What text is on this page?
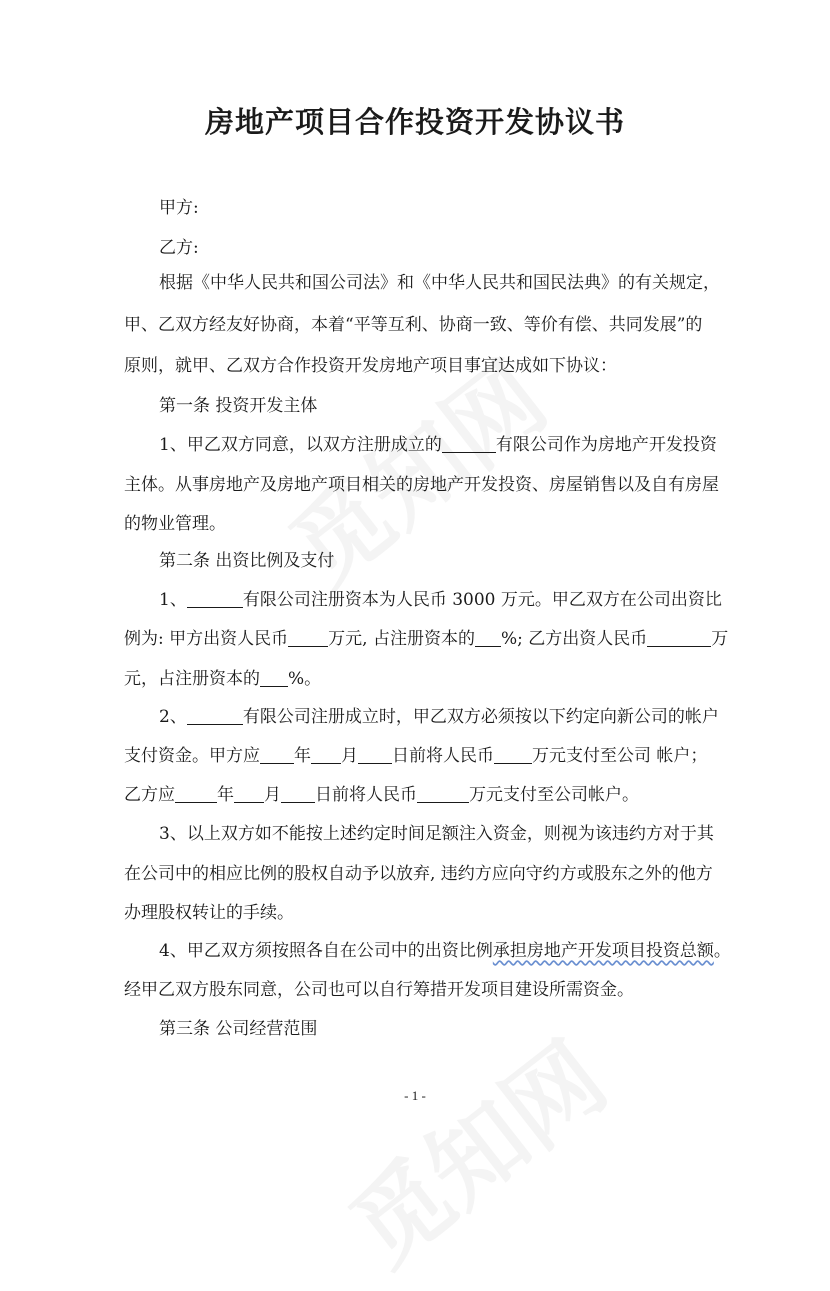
房地产项目合作投资开发协议书
甲方:
乙方:
根据《中华人民共和国公司法》和《中华人民共和国民法典》的有关规定，
甲、乙双方经友好协商，本着“平等互利、协商一致、等价有偿、共同发展”的
原则，就甲、乙双方合作投资开发房地产项目事宜达成如下协议：
第一条 投资开发主体
1、甲乙双方同意，以双方注册成立的	有限公司作为房地产开发投资
主体。从事房地产及房地产项目相关的房地产开发投资、房屋销售以及自有房屋
的物业管理。
第二条 出资比例及支付
1、	有限公司注册资本为人民币 3000 万元。甲乙双方在公司出资比
例为: 甲方出资人民币 万元, 占注册资本的 %; 乙方出资人民币	万
元，占注册资本的 %。
2、	有限公司注册成立时，甲乙双方必须按以下约定向新公司的帐户
支付资金。甲方应 年 月 日前将人民币 万元支付至公司 帐户；
乙方应 年 月 日前将人民币	万元支付至公司帐户。
3、以上双方如不能按上述约定时间足额注入资金，则视为该违约方对于其
在公司中的相应比例的股权自动予以放弃, 违约方应向守约方或股东之外的他方
办理股权转让的手续。
4、甲乙双方须按照各自在公司中的出资比例承担房地产开发项目投资总额。
经甲乙双方股东同意，公司也可以自行筹措开发项目建设所需资金。
第三条 公司经营范围
- 1 -
